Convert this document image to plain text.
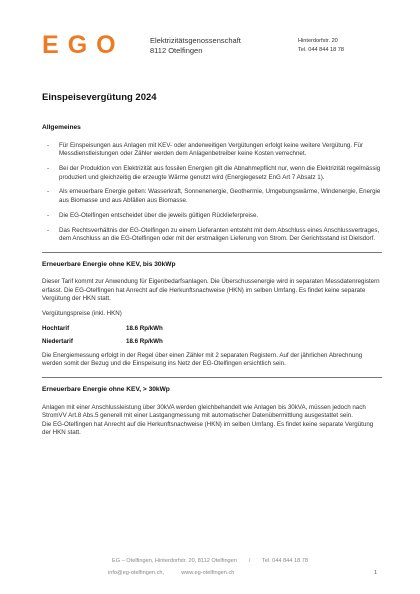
E G O	Elektrizitätsgenossenschaft
8112 Otelfingen
Hinterdorfstr. 20
Tel. 044 844 18 78
Einspeisevergütung 2024
Allgemeines
- Für Einspeisungen aus Anlagen mit KEV- oder anderweitigen Vergütungen erfolgt keine weitere Vergütung. Für Messdienstleistungen oder Zähler werden dem Anlagenbetreiber keine Kosten verrechnet.
- Bei der Produktion von Elektrizität aus fossilen Energien gilt die Abnahmepflicht nur, wenn die Elektrizität regelmässig produziert und gleichzeitig die erzeugte Wärme genutzt wird (Energiegesetz EnG Art 7 Absatz 1).
- Als erneuerbare Energie gelten: Wasserkraft, Sonnenenergie, Geothermie, Umgebungswärme, Windenergie, Energie aus Biomasse und aus Abfällen aus Biomasse.
- Die EG-Otelfingen entscheidet über die jeweils gültigen Rücklieferpreise.
- Das Rechtsverhältnis der EG-Otelfingen zu einem Lieferanten entsteht mit dem Abschluss eines Anschlussvertrages, dem Anschluss an die EG-Otelfingen oder mit der erstmaligen Lieferung von Strom. Der Gerichtsstand ist Dielsdorf.
Erneuerbare Energie ohne KEV, bis 30kWp

Dieser Tarif kommt zur Anwendung für Eigenbedarfsanlagen. Die Überschussenergie wird in separaten Messdatenregistern erfasst. Die EG-Otelfingen hat Anrecht auf die Herkunftsnachweise (HKN) im selben Umfang. Es findet keine separate Vergütung der HKN statt.

Vergütungspreise (inkl. HKN)

Hochtarif	18.6 Rp/kWh
Niedertarif	18.6 Rp/kWh

Die Energiemessung erfolgt in der Regel über einen Zähler mit 2 separaten Registern. Auf der jährlichen Abrechnung werden somit der Bezug und die Einspeisung ins Netz der EG-Otelfingen ersichtlich sein.

Erneuerbare Energie ohne KEV, > 30kWp

Anlagen mit einer Anschlussleistung über 30kVA werden gleichbehandelt wie Anlagen bis 30kVA, müssen jedoch nach StromVV Art.8 Abs.5 generell mit einer Lastgangmessung mit automatischer Datenübermittlung ausgestattet sein.

Die EG-Otelfingen hat Anrecht auf die Herkunftsnachweise (HKN) im selben Umfang. Es findet keine separate Vergütung der HKN statt.

EG – Otelfingen, Hinterdorfstr. 20, 8112 Otelfingen / Tel. 044 844 18 78
info@eg-otelfingen.ch,	www.eg-otelfingen.ch	1
